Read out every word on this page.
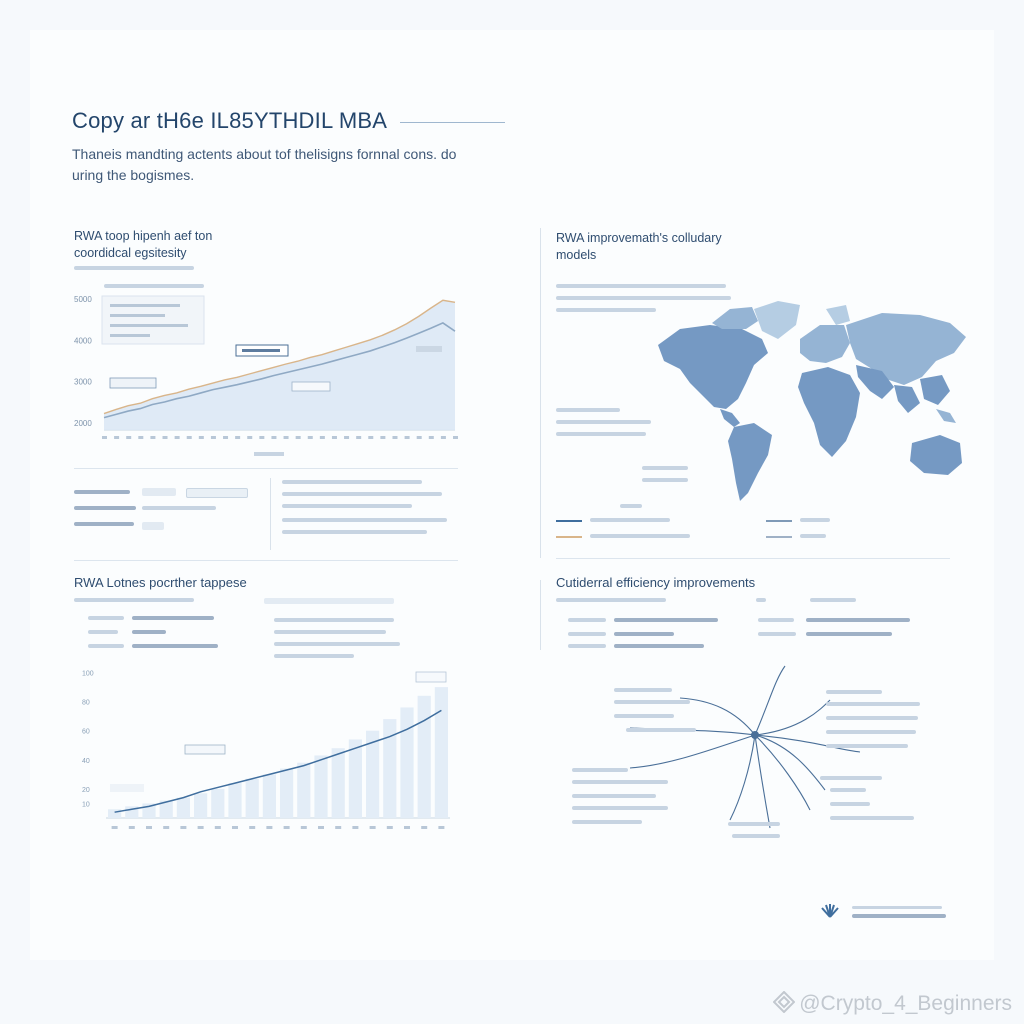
Copy ar tH6e IL85YTHDIL MBA
Thaneis mandting actents about tof thelisigns fornnal cons. do uring the bogismes.
RWA toop hipenh aef ton coordidcal egsitesity
5000
4000
3000
2000
RWA improvemath's colludary models
RWA Lotnes pocrther tappese
100
80
60
40
20
10
Cutiderral efficiency improvements
@Crypto_4_Beginners
